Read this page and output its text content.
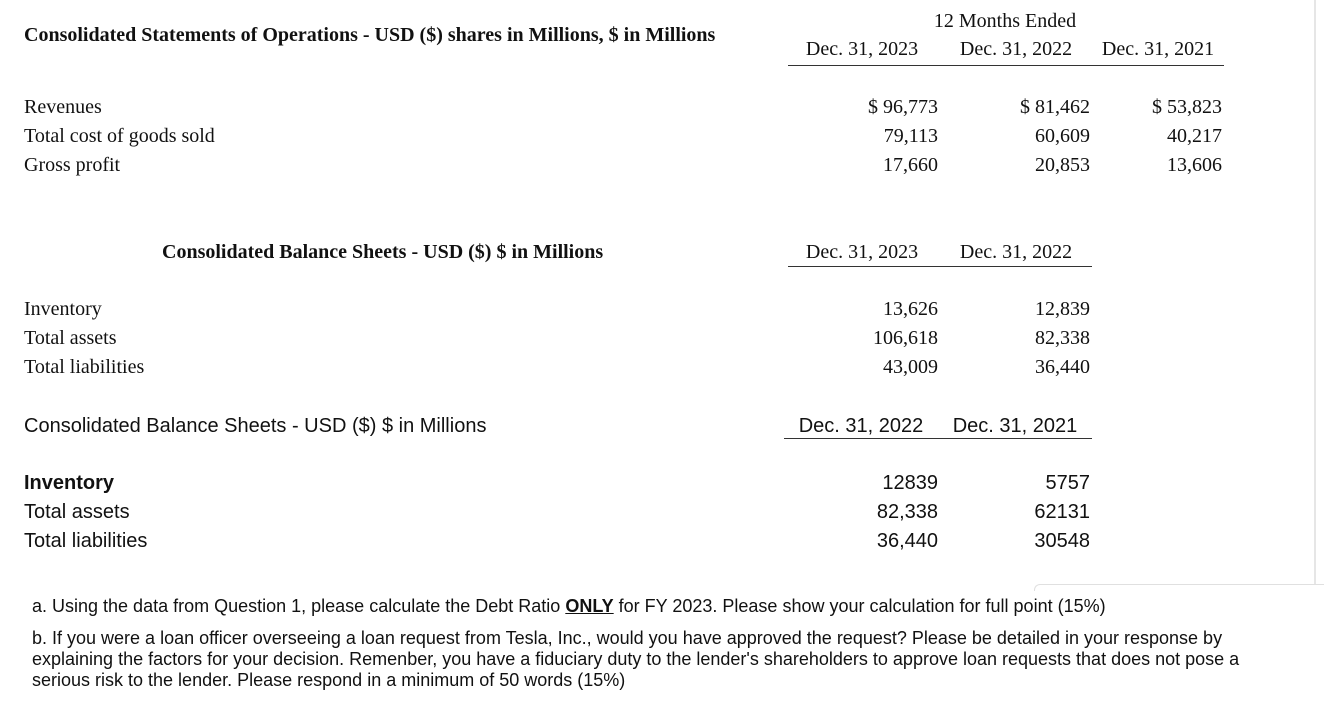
Consolidated Statements of Operations - USD ($) shares in Millions, $ in Millions
12 Months Ended
Dec. 31, 2023	Dec. 31, 2022	Dec. 31, 2021
Revenues	$ 96,773	$ 81,462	$ 53,823
Total cost of goods sold	79,113	60,609	40,217
Gross profit	17,660	20,853	13,606
Consolidated Balance Sheets - USD ($) $ in Millions	Dec. 31, 2023	Dec. 31, 2022
Inventory	13,626	12,839
Total assets	106,618	82,338
Total liabilities	43,009	36,440
Consolidated Balance Sheets - USD ($) $ in Millions	Dec. 31, 2022	Dec. 31, 2021
Inventory	12839	5757
Total assets	82,338	62131
Total liabilities	36,440	30548
a. Using the data from Question 1, please calculate the Debt Ratio ONLY for FY 2023. Please show your calculation for full point (15%)
b. If you were a loan officer overseeing a loan request from Tesla, Inc., would you have approved the request? Please be detailed in your response by explaining the factors for your decision. Remenber, you have a fiduciary duty to the lender's shareholders to approve loan requests that does not pose a serious risk to the lender. Please respond in a minimum of 50 words (15%)
